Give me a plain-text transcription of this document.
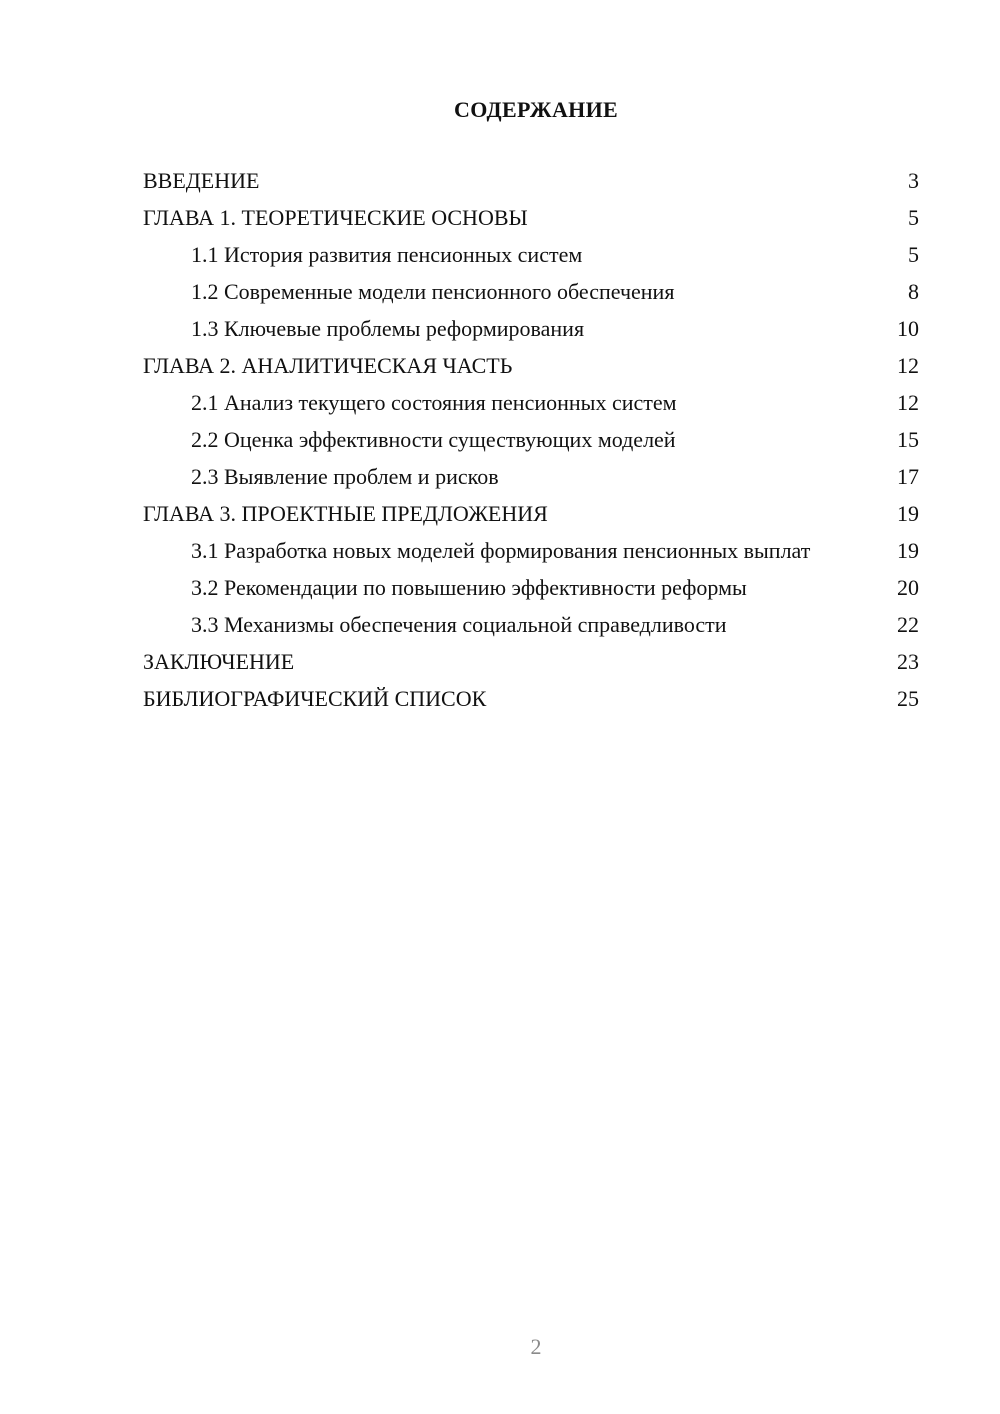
СОДЕРЖАНИЕ
ВВЕДЕНИЕ	3
ГЛАВА 1. ТЕОРЕТИЧЕСКИЕ ОСНОВЫ	5
1.1 История развития пенсионных систем	5
1.2 Современные модели пенсионного обеспечения	8
1.3 Ключевые проблемы реформирования	10
ГЛАВА 2. АНАЛИТИЧЕСКАЯ ЧАСТЬ	12
2.1 Анализ текущего состояния пенсионных систем	12
2.2 Оценка эффективности существующих моделей	15
2.3 Выявление проблем и рисков	17
ГЛАВА 3. ПРОЕКТНЫЕ ПРЕДЛОЖЕНИЯ	19
3.1 Разработка новых моделей формирования пенсионных выплат	19
3.2 Рекомендации по повышению эффективности реформы	20
3.3 Механизмы обеспечения социальной справедливости	22
ЗАКЛЮЧЕНИЕ	23
БИБЛИОГРАФИЧЕСКИЙ СПИСОК	25
2
